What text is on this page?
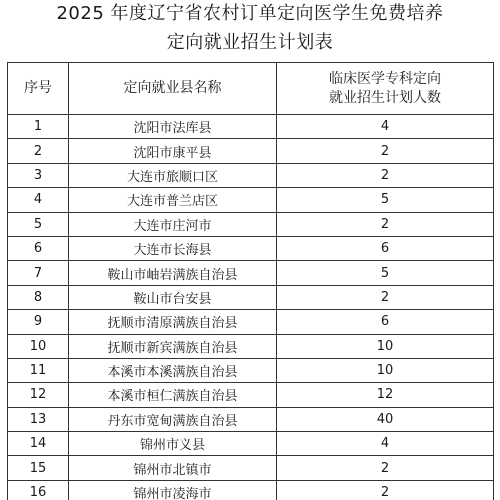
2025 年度辽宁省农村订单定向医学生免费培养
定向就业招生计划表
序号	定向就业县名称	临床医学专科定向
就业招生计划人数

1	沈阳市法库县	4
2	沈阳市康平县	2
3	大连市旅顺口区	2
4	大连市普兰店区	5
5	大连市庄河市	2
6	大连市长海县	6
7	鞍山市岫岩满族自治县	5
8	鞍山市台安县	2
9	抚顺市清原满族自治县	6
10	抚顺市新宾满族自治县	10
11	本溪市本溪满族自治县	10
12	本溪市桓仁满族自治县	12
13	丹东市宽甸满族自治县	40
14	锦州市义县	4
15	锦州市北镇市	2
16	锦州市凌海市	2
